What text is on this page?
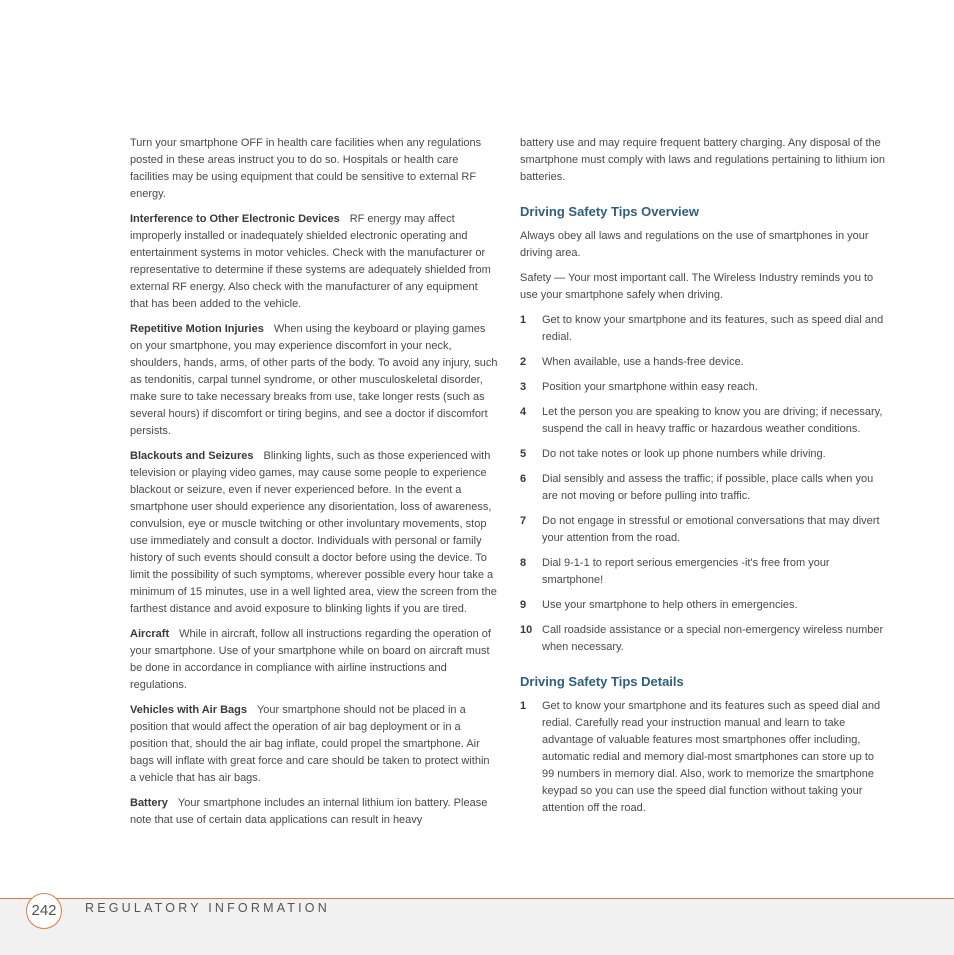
Turn your smartphone OFF in health care facilities when any regulations posted in these areas instruct you to do so. Hospitals or health care facilities may be using equipment that could be sensitive to external RF energy.

Interference to Other Electronic Devices RF energy may affect improperly installed or inadequately shielded electronic operating and entertainment systems in motor vehicles. Check with the manufacturer or representative to determine if these systems are adequately shielded from external RF energy. Also check with the manufacturer of any equipment that has been added to the vehicle.

Repetitive Motion Injuries When using the keyboard or playing games on your smartphone, you may experience discomfort in your neck, shoulders, hands, arms, of other parts of the body. To avoid any injury, such as tendonitis, carpal tunnel syndrome, or other musculoskeletal disorder, make sure to take necessary breaks from use, take longer rests (such as several hours) if discomfort or tiring begins, and see a doctor if discomfort persists.

Blackouts and Seizures Blinking lights, such as those experienced with television or playing video games, may cause some people to experience blackout or seizure, even if never experienced before. In the event a smartphone user should experience any disorientation, loss of awareness, convulsion, eye or muscle twitching or other involuntary movements, stop use immediately and consult a doctor. Individuals with personal or family history of such events should consult a doctor before using the device. To limit the possibility of such symptoms, wherever possible every hour take a minimum of 15 minutes, use in a well lighted area, view the screen from the farthest distance and avoid exposure to blinking lights if you are tired.

Aircraft While in aircraft, follow all instructions regarding the operation of your smartphone. Use of your smartphone while on board on aircraft must be done in accordance in compliance with airline instructions and regulations.

Vehicles with Air Bags Your smartphone should not be placed in a position that would affect the operation of air bag deployment or in a position that, should the air bag inflate, could propel the smartphone. Air bags will inflate with great force and care should be taken to protect within a vehicle that has air bags.

Battery Your smartphone includes an internal lithium ion battery. Please note that use of certain data applications can result in heavy

battery use and may require frequent battery charging. Any disposal of the smartphone must comply with laws and regulations pertaining to lithium ion batteries.

Driving Safety Tips Overview

Always obey all laws and regulations on the use of smartphones in your driving area.

Safety — Your most important call. The Wireless Industry reminds you to use your smartphone safely when driving.

1 Get to know your smartphone and its features, such as speed dial and redial.
2 When available, use a hands-free device.
3 Position your smartphone within easy reach.
4 Let the person you are speaking to know you are driving; if necessary, suspend the call in heavy traffic or hazardous weather conditions.
5 Do not take notes or look up phone numbers while driving.
6 Dial sensibly and assess the traffic; if possible, place calls when you are not moving or before pulling into traffic.
7 Do not engage in stressful or emotional conversations that may divert your attention from the road.
8 Dial 9-1-1 to report serious emergencies -it's free from your smartphone!
9 Use your smartphone to help others in emergencies.
10 Call roadside assistance or a special non-emergency wireless number when necessary.
Driving Safety Tips Details
1 Get to know your smartphone and its features such as speed dial and redial. Carefully read your instruction manual and learn to take advantage of valuable features most smartphones offer including, automatic redial and memory dial-most smartphones can store up to 99 numbers in memory dial. Also, work to memorize the smartphone keypad so you can use the speed dial function without taking your attention off the road.
242	REGULATORY INFORMATION
